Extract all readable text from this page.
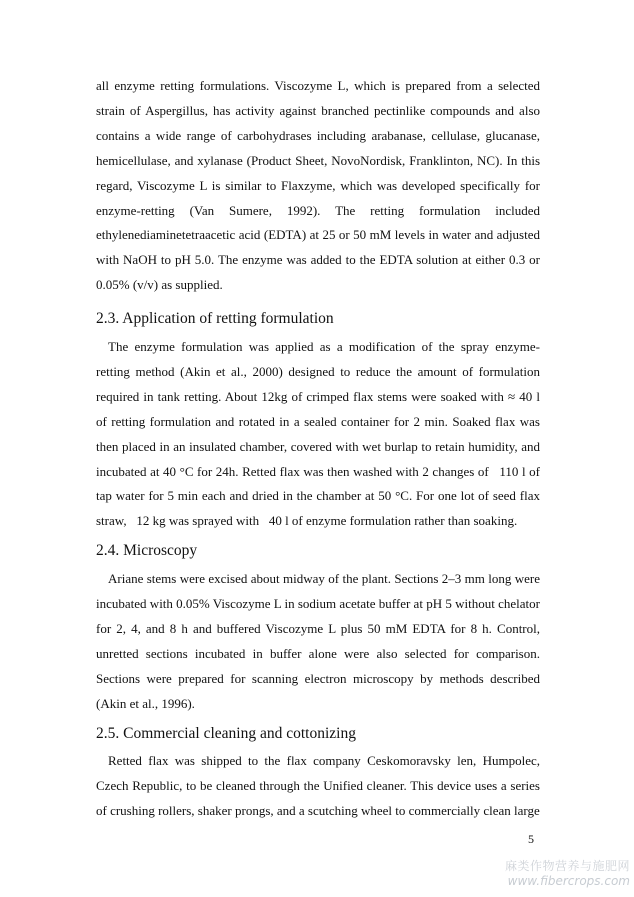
all enzyme retting formulations. Viscozyme L, which is prepared from a selected strain of Aspergillus, has activity against branched pectinlike compounds and also contains a wide range of carbohydrases including arabanase, cellulase, glucanase, hemicellulase, and xylanase (Product Sheet, NovoNordisk, Franklinton, NC). In this regard, Viscozyme L is similar to Flaxzyme, which was developed specifically for enzyme-retting (Van Sumere, 1992). The retting formulation included ethylenediaminetetraacetic acid (EDTA) at 25 or 50 mM levels in water and adjusted with NaOH to pH 5.0. The enzyme was added to the EDTA solution at either 0.3 or 0.05% (v/v) as supplied.

2.3. Application of retting formulation

The enzyme formulation was applied as a modification of the spray enzyme-retting method (Akin et al., 2000) designed to reduce the amount of formulation required in tank retting. About 12kg of crimped flax stems were soaked with ≈ 40 l of retting formulation and rotated in a sealed container for 2 min. Soaked flax was then placed in an insulated chamber, covered with wet burlap to retain humidity, and incubated at 40 °C for 24h. Retted flax was then washed with 2 changes of   110 l of tap water for 5 min each and dried in the chamber at 50 °C. For one lot of seed flax straw,   12 kg was sprayed with   40 l of enzyme formulation rather than soaking.

2.4. Microscopy

Ariane stems were excised about midway of the plant. Sections 2–3 mm long were incubated with 0.05% Viscozyme L in sodium acetate buffer at pH 5 without chelator for 2, 4, and 8 h and buffered Viscozyme L plus 50 mM EDTA for 8 h. Control, unretted sections incubated in buffer alone were also selected for comparison. Sections were prepared for scanning electron microscopy by methods described (Akin et al., 1996).

2.5. Commercial cleaning and cottonizing

Retted flax was shipped to the flax company Ceskomoravsky len, Humpolec, Czech Republic, to be cleaned through the Unified cleaner. This device uses a series of crushing rollers, shaker prongs, and a scutching wheel to commercially clean large

5
麻类作物营养与施肥网
www.fibercrops.com
